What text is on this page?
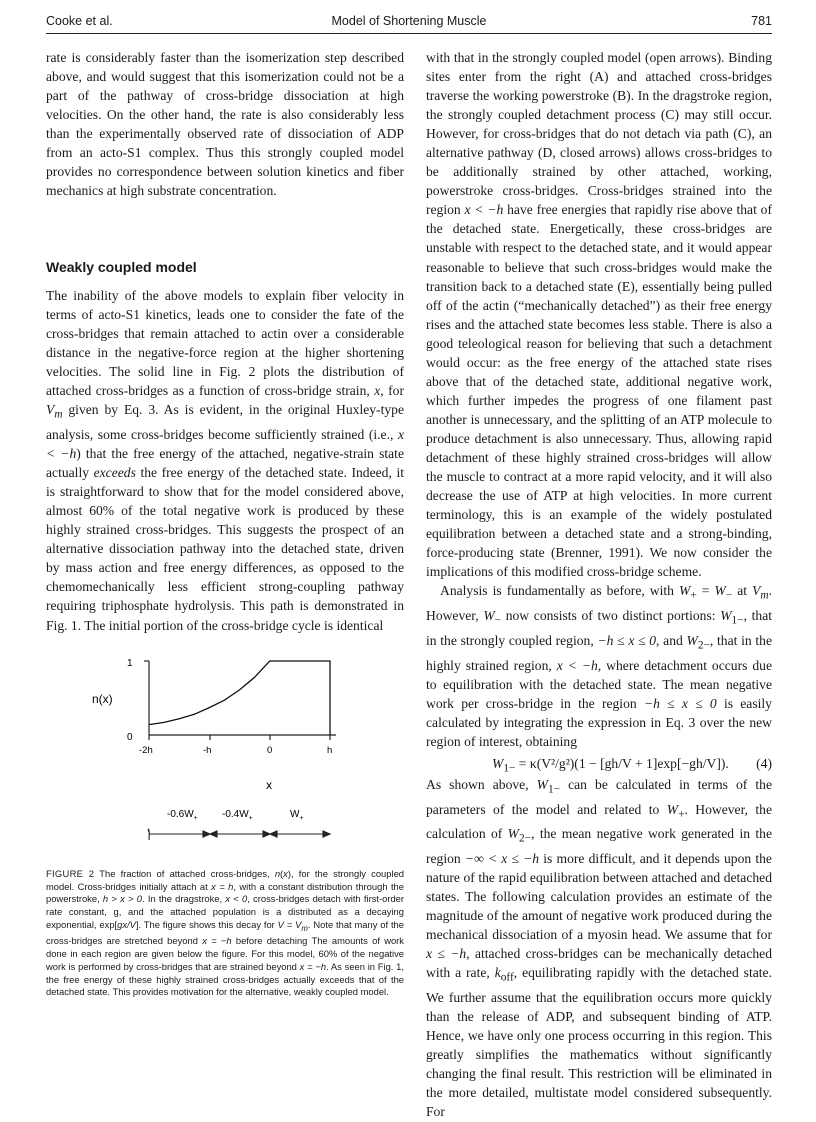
Cooke et al.	Model of Shortening Muscle	781

rate is considerably faster than the isomerization step described above, and would suggest that this isomerization could not be a part of the pathway of cross-bridge dissociation at high velocities. On the other hand, the rate is also considerably less than the experimentally observed rate of dissociation of ADP from an acto-S1 complex. Thus this strongly coupled model provides no correspondence between solution kinetics and fiber mechanics at high substrate concentration.

Weakly coupled model

The inability of the above models to explain fiber velocity in terms of acto-S1 kinetics, leads one to consider the fate of the cross-bridges that remain attached to actin over a considerable distance in the negative-force region at the higher shortening velocities. The solid line in Fig. 2 plots the distribution of attached cross-bridges as a function of cross-bridge strain, x, for $V_m$ given by Eq. 3. As is evident, in the original Huxley-type analysis, some cross-bridges become sufficiently strained (i.e., x < −h) that the free energy of the attached, negative-strain state actually exceeds the free energy of the detached state. Indeed, it is straightforward to show that for the model considered above, almost 60% of the total negative work is produced by these highly strained cross-bridges. This suggests the prospect of an alternative dissociation pathway into the detached state, driven by mass action and free energy differences, as opposed to the chemomechanically less efficient strong-coupling pathway requiring triphosphate hydrolysis. This path is demonstrated in Fig. 1. The initial portion of the cross-bridge cycle is identical

n(x)
1
0
-2h	-h	0	h
x
$-0.6W_+$ $-0.4W_+$	$W_+$

FIGURE 2 The fraction of attached cross-bridges, n(x), for the strongly coupled model. Cross-bridges initially attach at x = h, with a constant distribution through the powerstroke, h > x > 0. In the dragstroke, x < 0, cross-bridges detach with first-order rate constant, g, and the attached population is a distributed as a decaying exponential, exp[gx/V]. The figure shows this decay for $V = V_m$. Note that many of the cross-bridges are stretched beyond x = −h before detaching The amounts of work done in each region are given below the figure. For this model, 60% of the negative work is performed by cross-bridges that are strained beyond x = −h. As seen in Fig. 1, the free energy of these highly strained cross-bridges actually exceeds that of the detached state. This provides motivation for the alternative, weakly coupled model.

with that in the strongly coupled model (open arrows). Binding sites enter from the right (A) and attached cross-bridges traverse the working powerstroke (B). In the dragstroke region, the strongly coupled detachment process (C) may still occur. However, for cross-bridges that do not detach via path (C), an alternative pathway (D, closed arrows) allows cross-bridges to be additionally strained by other attached, working, powerstroke cross-bridges. Cross-bridges strained into the region x < −h have free energies that rapidly rise above that of the detached state. Energetically, these cross-bridges are unstable with respect to the detached state, and it would appear reasonable to believe that such cross-bridges would make the transition back to a detached state (E), essentially being pulled off of the actin (“mechanically detached”) as their free energy rises and the attached state becomes less stable. There is also a good teleological reason for believing that such a detachment would occur: as the free energy of the attached state rises above that of the detached state, additional negative work, which further impedes the progress of one filament past another is unnecessary, and the splitting of an ATP molecule to produce detachment is also unnecessary. Thus, allowing rapid detachment of these highly strained cross-bridges will allow the muscle to contract at a more rapid velocity, and it will also decrease the use of ATP at high velocities. In more current terminology, this is an example of the widely postulated equilibration between a detached state and a strong-binding, force-producing state (Brenner, 1991). We now consider the implications of this modified cross-bridge scheme.

Analysis is fundamentally as before, with $W_+ = W_-$ at $V_m$. However, $W_-$ now consists of two distinct portions: $W_{1-}$, that in the strongly coupled region, −h ≤ x ≤ 0, and $W_{2-}$, that in the highly strained region, x < −h, where detachment occurs due to equilibration with the detached state. The mean negative work per cross-bridge in the region −h ≤ x ≤ 0 is easily calculated by integrating the expression in Eq. 3 over the new region of interest, obtaining

$W_{1-} = \kappa(V^2/g^2)(1 - [gh/V + 1]\exp[-gh/V])$. (4)

As shown above, $W_{1-}$ can be calculated in terms of the parameters of the model and related to $W_+$. However, the calculation of $W_{2-}$, the mean negative work generated in the region −∞ < x ≤ −h is more difficult, and it depends upon the nature of the rapid equilibration between attached and detached states. The following calculation provides an estimate of the magnitude of the amount of negative work produced during the mechanical dissociation of a myosin head. We assume that for x ≤ −h, attached cross-bridges can be mechanically detached with a rate, $k_{off}$, equilibrating rapidly with the detached state. We further assume that the equilibration occurs more quickly than the release of ADP, and subsequent binding of ATP. Hence, we have only one process occurring in this region. This greatly simplifies the mathematics without significantly changing the final result. This restriction will be eliminated in the more detailed, multistate model considered subsequently. For
